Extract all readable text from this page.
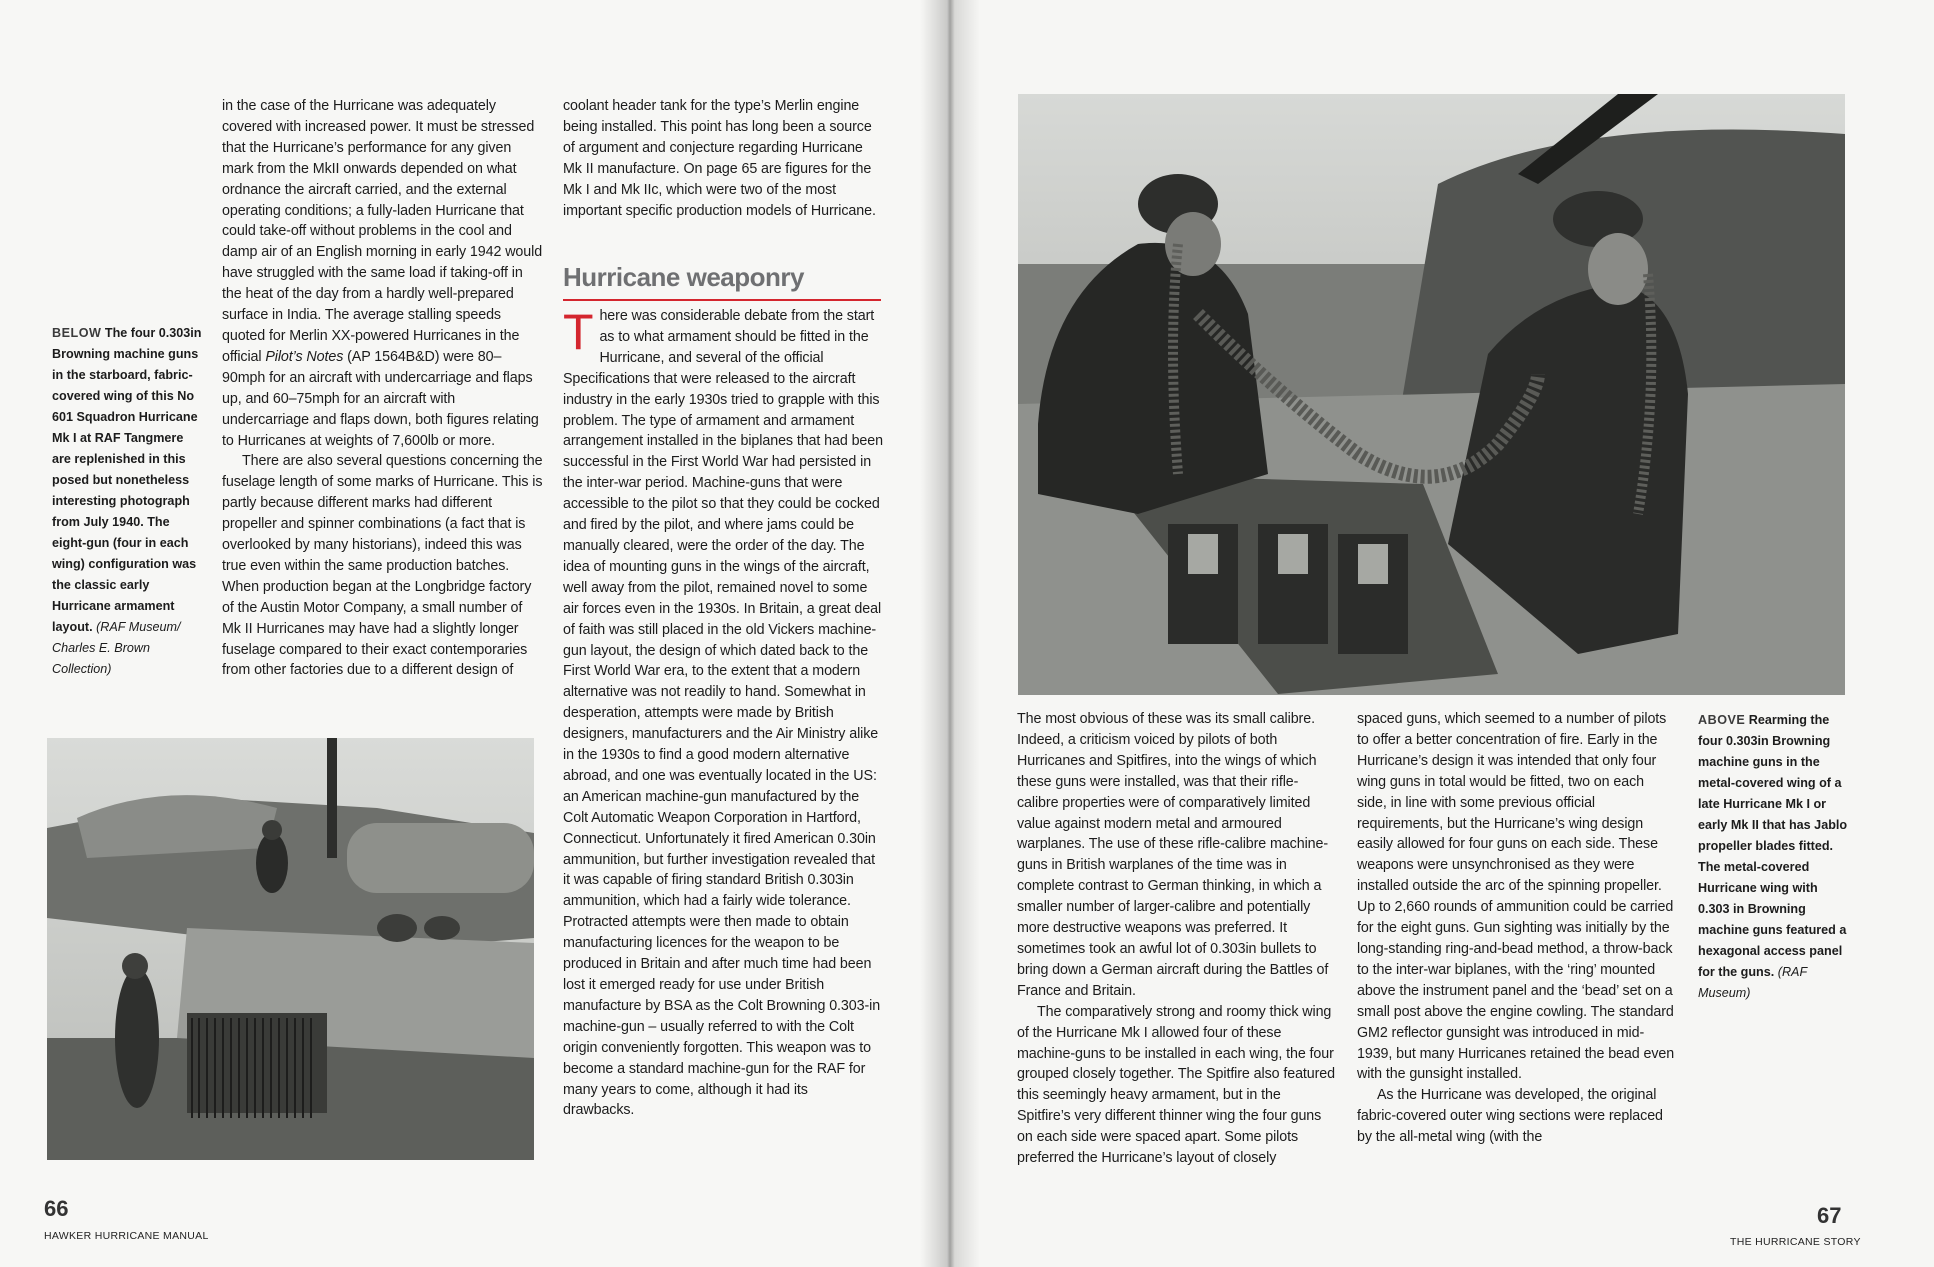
BELOW The four 0.303in Browning machine guns in the starboard, fabric-covered wing of this No 601 Squadron Hurricane Mk I at RAF Tangmere are replenished in this posed but nonetheless interesting photograph from July 1940. The eight-gun (four in each wing) configuration was the classic early Hurricane armament layout. (RAF Museum/ Charles E. Brown Collection)

in the case of the Hurricane was adequately covered with increased power. It must be stressed that the Hurricane’s performance for any given mark from the MkII onwards depended on what ordnance the aircraft carried, and the external operating conditions; a fully-laden Hurricane that could take-off without problems in the cool and damp air of an English morning in early 1942 would have struggled with the same load if taking-off in the heat of the day from a hardly well-prepared surface in India. The average stalling speeds quoted for Merlin XX-powered Hurricanes in the official Pilot’s Notes (AP 1564B&D) were 80–90mph for an aircraft with undercarriage and flaps up, and 60–75mph for an aircraft with undercarriage and flaps down, both figures relating to Hurricanes at weights of 7,600lb or more.

There are also several questions concerning the fuselage length of some marks of Hurricane. This is partly because different marks had different propeller and spinner combinations (a fact that is overlooked by many historians), indeed this was true even within the same production batches. When production began at the Longbridge factory of the Austin Motor Company, a small number of Mk II Hurricanes may have had a slightly longer fuselage compared to their exact contemporaries from other factories due to a different design of

coolant header tank for the type’s Merlin engine being installed. This point has long been a source of argument and conjecture regarding Hurricane Mk II manufacture. On page 65 are figures for the Mk I and Mk IIc, which were two of the most important specific production models of Hurricane.

Hurricane weaponry

There was considerable debate from the start as to what armament should be fitted in the Hurricane, and several of the official Specifications that were released to the aircraft industry in the early 1930s tried to grapple with this problem. The type of armament and armament arrangement installed in the biplanes that had been successful in the First World War had persisted in the inter-war period. Machine-guns that were accessible to the pilot so that they could be cocked and fired by the pilot, and where jams could be manually cleared, were the order of the day. The idea of mounting guns in the wings of the aircraft, well away from the pilot, remained novel to some air forces even in the 1930s. In Britain, a great deal of faith was still placed in the old Vickers machine-gun layout, the design of which dated back to the First World War era, to the extent that a modern alternative was not readily to hand. Somewhat in desperation, attempts were made by British designers, manufacturers and the Air Ministry alike in the 1930s to find a good modern alternative abroad, and one was eventually located in the US: an American machine-gun manufactured by the Colt Automatic Weapon Corporation in Hartford, Connecticut. Unfortunately it fired American 0.30in ammunition, but further investigation revealed that it was capable of firing standard British 0.303in ammunition, which had a fairly wide tolerance. Protracted attempts were then made to obtain manufacturing licences for the weapon to be produced in Britain and after much time had been lost it emerged ready for use under British manufacture by BSA as the Colt Browning 0.303-in machine-gun – usually referred to with the Colt origin conveniently forgotten. This weapon was to become a standard machine-gun for the RAF for many years to come, although it had its drawbacks.

66
HAWKER HURRICANE MANUAL

The most obvious of these was its small calibre. Indeed, a criticism voiced by pilots of both Hurricanes and Spitfires, into the wings of which these guns were installed, was that their rifle-calibre properties were of comparatively limited value against modern metal and armoured warplanes. The use of these rifle-calibre machine-guns in British warplanes of the time was in complete contrast to German thinking, in which a smaller number of larger-calibre and potentially more destructive weapons was preferred. It sometimes took an awful lot of 0.303in bullets to bring down a German aircraft during the Battles of France and Britain.

The comparatively strong and roomy thick wing of the Hurricane Mk I allowed four of these machine-guns to be installed in each wing, the four grouped closely together. The Spitfire also featured this seemingly heavy armament, but in the Spitfire’s very different thinner wing the four guns on each side were spaced apart. Some pilots preferred the Hurricane’s layout of closely

spaced guns, which seemed to a number of pilots to offer a better concentration of fire. Early in the Hurricane’s design it was intended that only four wing guns in total would be fitted, two on each side, in line with some previous official requirements, but the Hurricane’s wing design easily allowed for four guns on each side. These weapons were unsynchronised as they were installed outside the arc of the spinning propeller. Up to 2,660 rounds of ammunition could be carried for the eight guns. Gun sighting was initially by the long-standing ring-and-bead method, a throw-back to the inter-war biplanes, with the ‘ring’ mounted above the instrument panel and the ‘bead’ set on a small post above the engine cowling. The standard GM2 reflector gunsight was introduced in mid-1939, but many Hurricanes retained the bead even with the gunsight installed.

As the Hurricane was developed, the original fabric-covered outer wing sections were replaced by the all-metal wing (with the

ABOVE Rearming the four 0.303in Browning machine guns in the metal-covered wing of a late Hurricane Mk I or early Mk II that has Jablo propeller blades fitted. The metal-covered Hurricane wing with 0.303 in Browning machine guns featured a hexagonal access panel for the guns. (RAF Museum)
67
THE HURRICANE STORY
